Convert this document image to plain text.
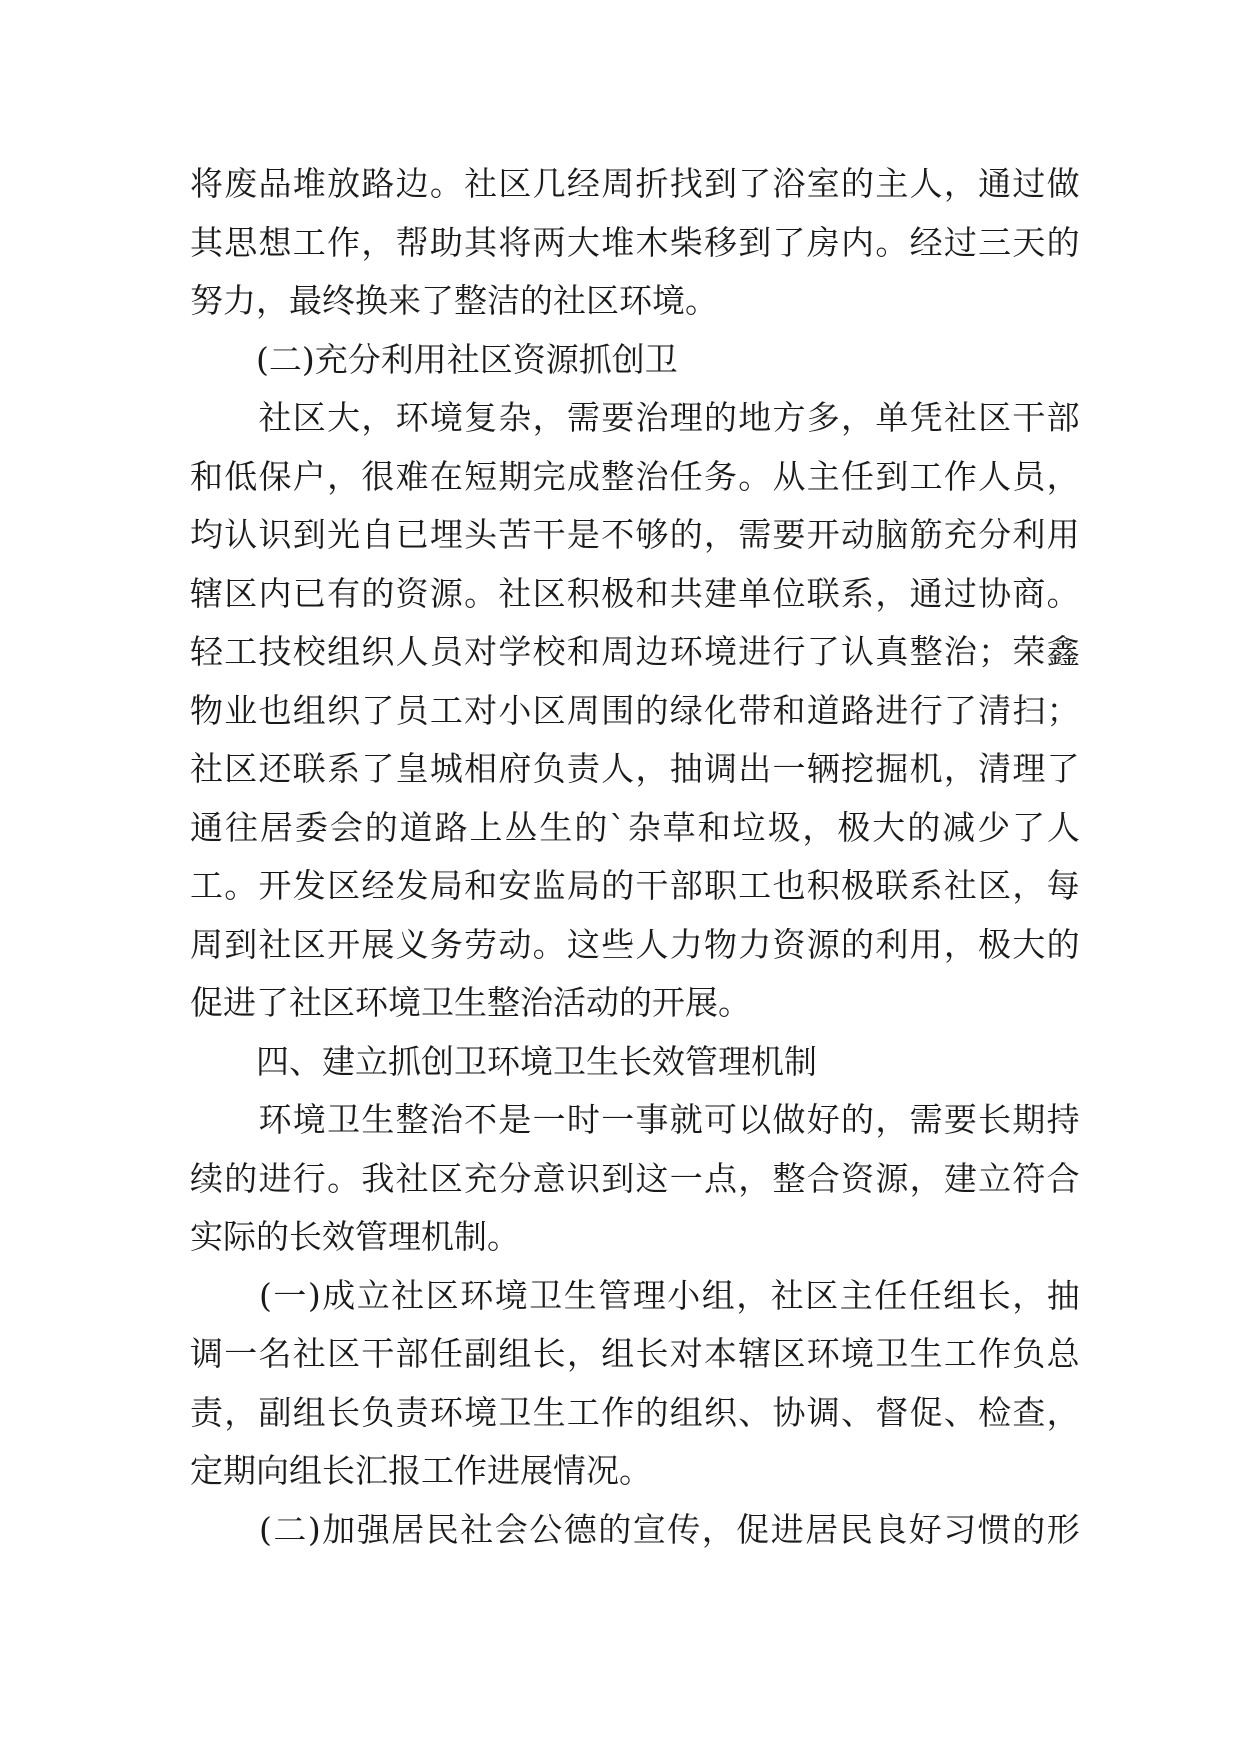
将 废 品 堆 放 路 边 。 社 区 几 经 周 折 找 到 了 浴 室 的 主 人 ， 通 过 做
其 思 想 工 作 ， 帮 助 其 将 两 大 堆 木 柴 移 到 了 房 内 。 经 过 三 天 的
努力，最终换来了整洁的社区环境。
　　(二)充分利用社区资源抓创卫

社 区 大 ， 环 境 复 杂 ， 需 要 治 理 的 地 方 多 ， 单 凭 社 区 干 部
和 低 保 户 ， 很 难 在 短 期 完 成 整 治 任 务 。 从 主 任 到 工 作 人 员 ，
均 认 识 到 光 自 已 埋 头 苦 干 是 不 够 的 ， 需 要 开 动 脑 筋 充 分 利 用
辖 区 内 已 有 的 资 源 。 社 区 积 极 和 共 建 单 位 联 系 ， 通 过 协 商 。
轻 工 技 校 组 织 人 员 对 学 校 和 周 边 环 境 进 行 了 认 真 整 治 ； 荣 鑫
物 业 也 组 织 了 员 工 对 小 区 周 围 的 绿 化 带 和 道 路 进 行 了 清 扫 ；
社 区 还 联 系 了 皇 城 相 府 负 责 人 ， 抽 调 出 一 辆 挖 掘 机 ， 清 理 了
通 往 居 委 会 的 道 路 上 丛 生 的 ` 杂 草 和 垃 圾 ， 极 大 的 减 少 了 人
工 。 开 发 区 经 发 局 和 安 监 局 的 干 部 职 工 也 积 极 联 系 社 区 ， 每
周 到 社 区 开 展 义 务 劳 动 。 这 些 人 力 物 力 资 源 的 利 用 ， 极 大 的
促进了社区环境卫生整治活动的开展。
　　四、建立抓创卫环境卫生长效管理机制

环 境 卫 生 整 治 不 是 一 时 一 事 就 可 以 做 好 的 ， 需 要 长 期 持
续 的 进 行 。 我 社 区 充 分 意 识 到 这 一 点 ， 整 合 资 源 ， 建 立 符 合
实际的长效管理机制。

( 一 ) 成 立 社 区 环 境 卫 生 管 理 小 组 ， 社 区 主 任 任 组 长 ， 抽
调 一 名 社 区 干 部 任 副 组 长 ， 组 长 对 本 辖 区 环 境 卫 生 工 作 负 总
责 ， 副 组 长 负 责 环 境 卫 生 工 作 的 组 织 、 协 调 、 督 促 、 检 查 ，
定期向组长汇报工作进展情况。

( 二 ) 加 强 居 民 社 会 公 德 的 宣 传 ， 促 进 居 民 良 好 习 惯 的 形
